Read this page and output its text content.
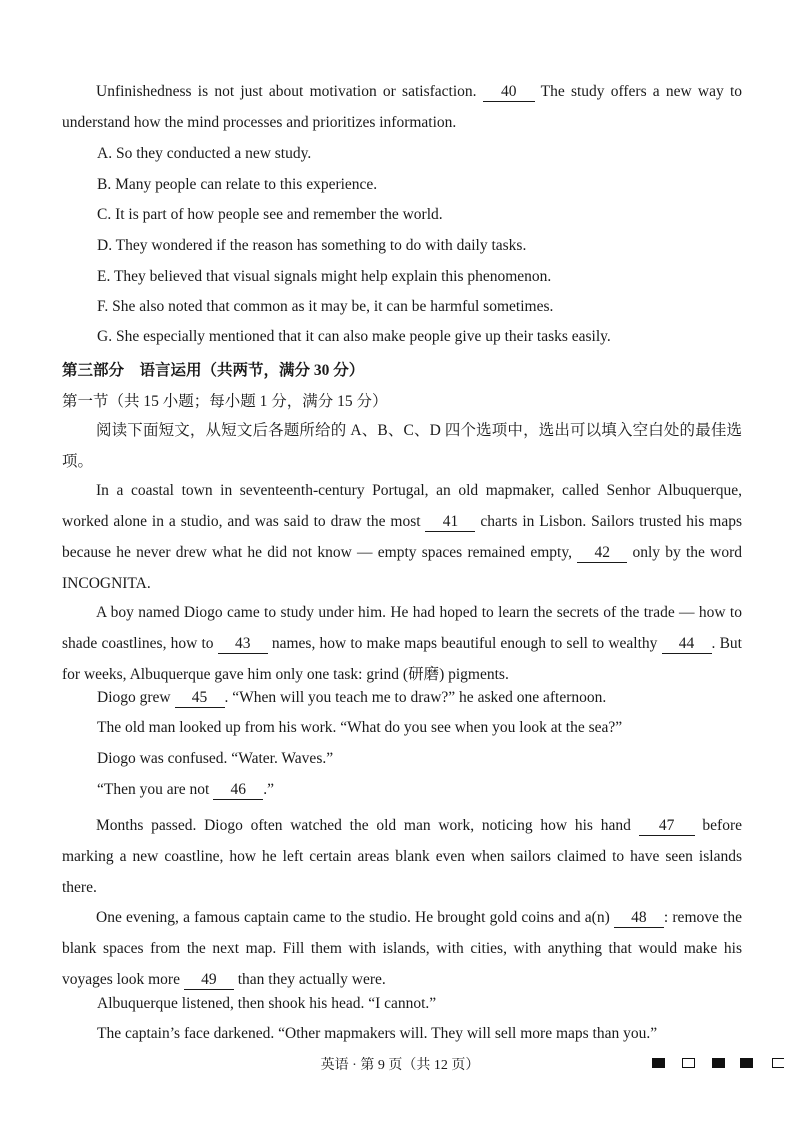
Unfinishedness is not just about motivation or satisfaction. 40 The study offers a new way to understand how the mind processes and prioritizes information.
A. So they conducted a new study.
B. Many people can relate to this experience.
C. It is part of how people see and remember the world.
D. They wondered if the reason has something to do with daily tasks.
E. They believed that visual signals might help explain this phenomenon.
F. She also noted that common as it may be, it can be harmful sometimes.
G. She especially mentioned that it can also make people give up their tasks easily.
第三部分　语言运用（共两节，满分 30 分）
第一节（共 15 小题；每小题 1 分，满分 15 分）
阅读下面短文，从短文后各题所给的 A、B、C、D 四个选项中，选出可以填入空白处的最佳选项。
In a coastal town in seventeenth-century Portugal, an old mapmaker, called Senhor Albuquerque, worked alone in a studio, and was said to draw the most 41 charts in Lisbon. Sailors trusted his maps because he never drew what he did not know — empty spaces remained empty, 42 only by the word INCOGNITA.
A boy named Diogo came to study under him. He had hoped to learn the secrets of the trade — how to shade coastlines, how to 43 names, how to make maps beautiful enough to sell to wealthy 44 . But for weeks, Albuquerque gave him only one task: grind (研磨) pigments.
Diogo grew 45 . “When will you teach me to draw?” he asked one afternoon.
The old man looked up from his work. “What do you see when you look at the sea?”
Diogo was confused. “Water. Waves.”
“Then you are not 46 .”
Months passed. Diogo often watched the old man work, noticing how his hand 47 before marking a new coastline, how he left certain areas blank even when sailors claimed to have seen islands there.
One evening, a famous captain came to the studio. He brought gold coins and a(n) 48 : remove the blank spaces from the next map. Fill them with islands, with cities, with anything that would make his voyages look more 49 than they actually were.
Albuquerque listened, then shook his head. “I cannot.”
The captain’s face darkened. “Other mapmakers will. They will sell more maps than you.”
英语 · 第 9 页（共 12 页）
